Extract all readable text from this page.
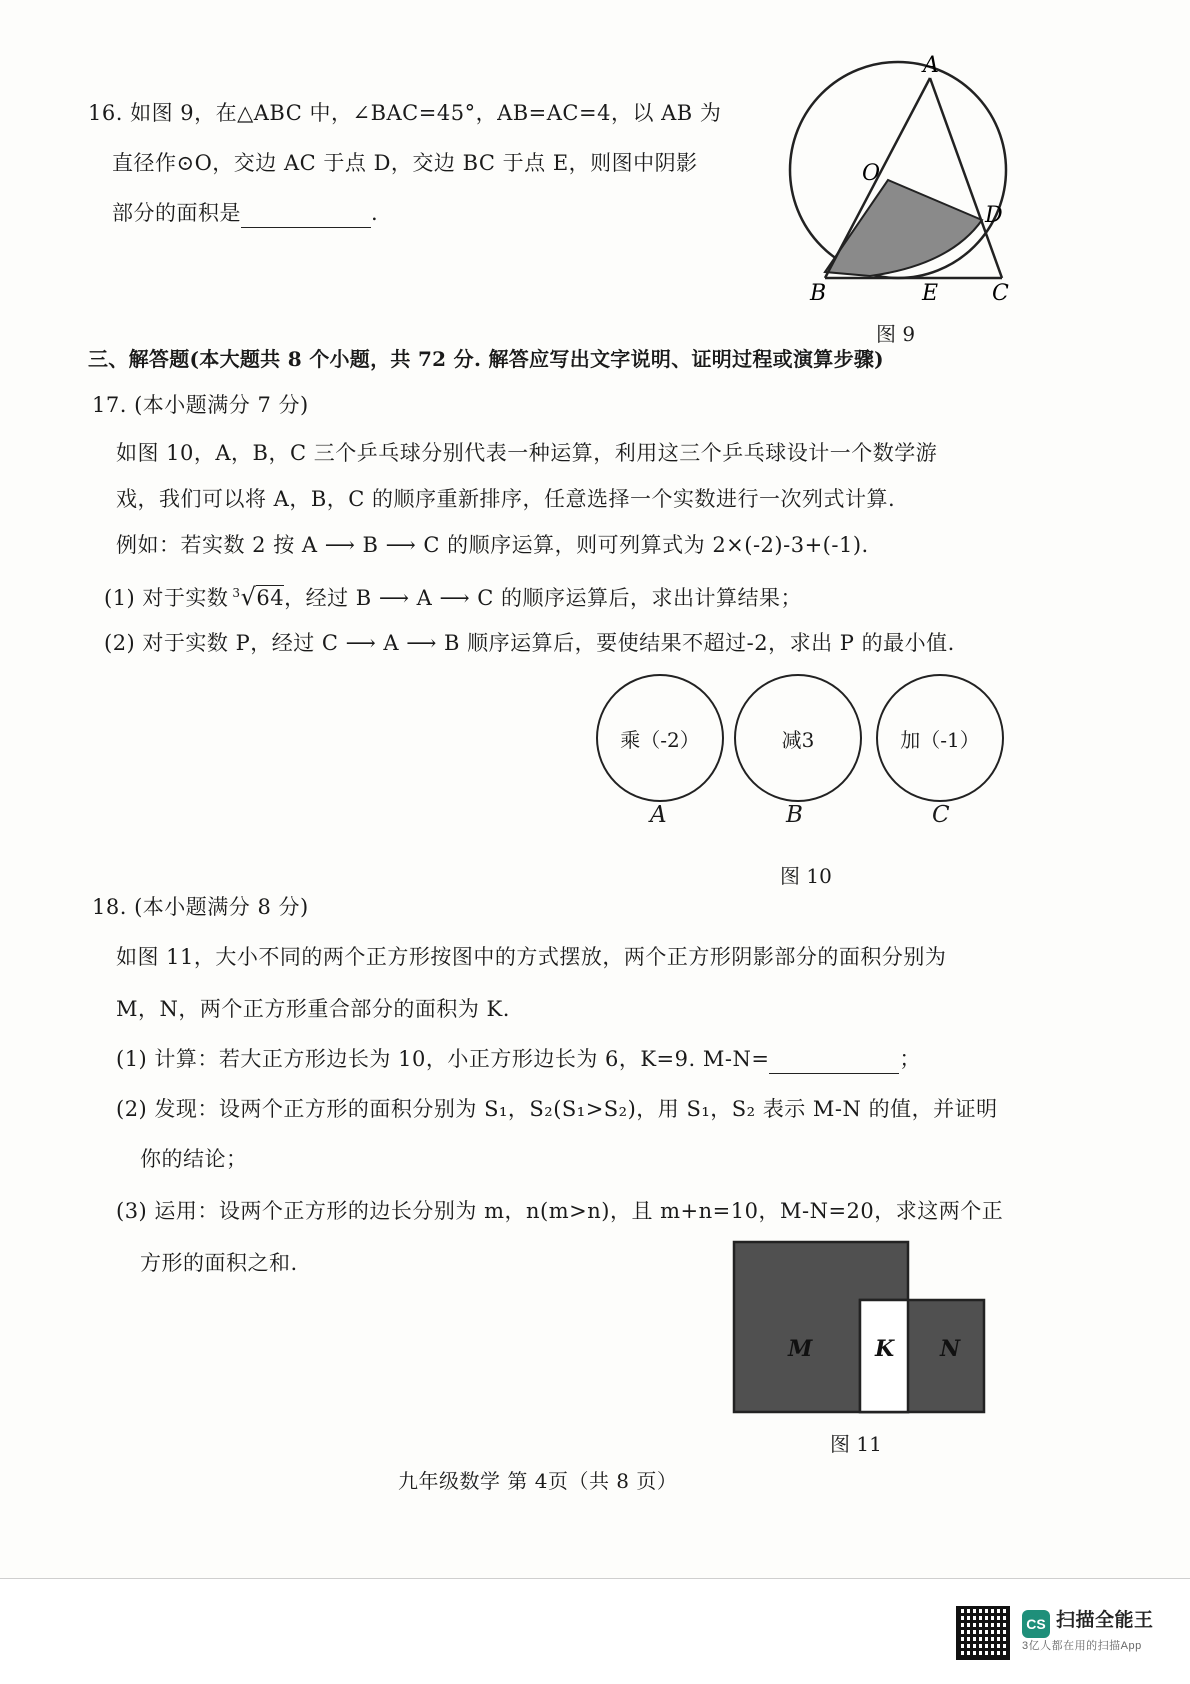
16. 如图 9，在△ABC 中，∠BAC=45°，AB=AC=4，以 AB 为
直径作⊙O，交边 AC 于点 D，交边 BC 于点 E，则图中阴影
部分的面积是	.
A
O
D
B	E C
图 9
三、解答题(本大题共 8 个小题，共 72 分. 解答应写出文字说明、证明过程或演算步骤)
17. (本小题满分 7 分)
如图 10，A，B，C 三个乒乓球分别代表一种运算，利用这三个乒乓球设计一个数学游
戏，我们可以将 A，B，C 的顺序重新排序，任意选择一个实数进行一次列式计算.
例如：若实数 2 按 A ⟶ B ⟶ C 的顺序运算，则可列算式为 2×(-2)-3+(-1).
(1) 对于实数 $^3$√64，经过 B ⟶ A ⟶ C 的顺序运算后，求出计算结果；
(2) 对于实数 P，经过 C ⟶ A ⟶ B 顺序运算后，要使结果不超过-2，求出 P 的最小值.
乘（-2）	减3	加（-1）
A	B	C
图 10
18. (本小题满分 8 分)
如图 11，大小不同的两个正方形按图中的方式摆放，两个正方形阴影部分的面积分别为
M，N，两个正方形重合部分的面积为 K.
(1) 计算：若大正方形边长为 10，小正方形边长为 6，K=9. M-N=	；
(2) 发现：设两个正方形的面积分别为 S₁，S₂(S₁>S₂)，用 S₁，S₂ 表示 M-N 的值，并证明
你的结论；
(3) 运用：设两个正方形的边长分别为 m，n(m>n)，且 m+n=10，M-N=20，求这两个正
方形的面积之和.
M	K N
图 11
九年级数学 第 4页（共 8 页）
CS 扫描全能王
3亿人都在用的扫描App
